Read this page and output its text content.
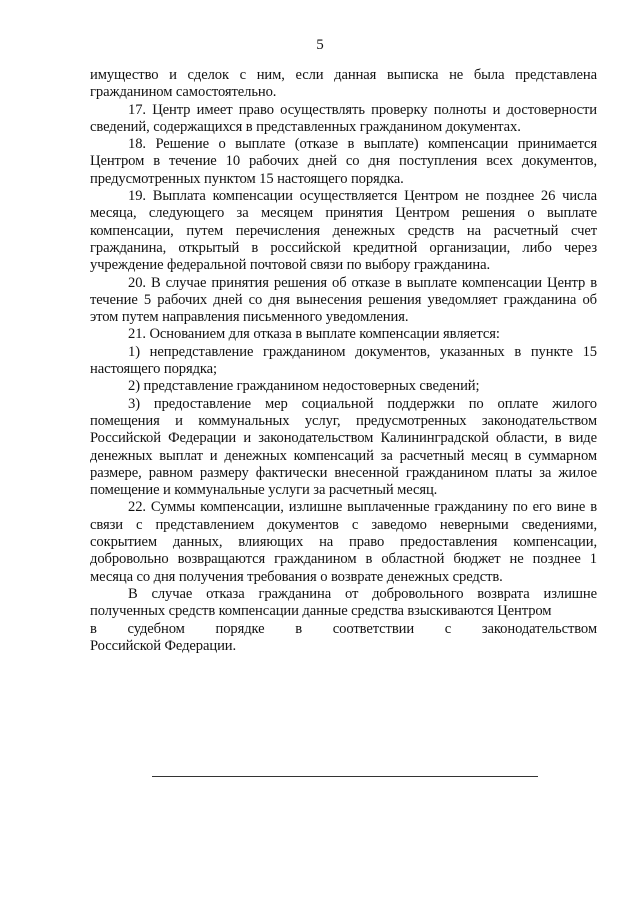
5

имущество и сделок с ним, если данная выписка не была представлена гражданином самостоятельно.

17. Центр имеет право осуществлять проверку полноты и достоверности сведений, содержащихся в представленных гражданином документах.

18. Решение о выплате (отказе в выплате) компенсации принимается Центром в течение 10 рабочих дней со дня поступления всех документов, предусмотренных пунктом 15 настоящего порядка.

19. Выплата компенсации осуществляется Центром не позднее 26 числа месяца, следующего за месяцем принятия Центром решения о выплате компенсации, путем перечисления денежных средств на расчетный счет гражданина, открытый в российской кредитной организации, либо через учреждение федеральной почтовой связи по выбору гражданина.

20. В случае принятия решения об отказе в выплате компенсации Центр в течение 5 рабочих дней со дня вынесения решения уведомляет гражданина об этом путем направления письменного уведомления.

21. Основанием для отказа в выплате компенсации является:

1) непредставление гражданином документов, указанных в пункте 15 настоящего порядка;

2) представление гражданином недостоверных сведений;

3) предоставление мер социальной поддержки по оплате жилого помещения и коммунальных услуг, предусмотренных законодательством Российской Федерации и законодательством Калининградской области, в виде денежных выплат и денежных компенсаций за расчетный месяц в суммарном размере, равном размеру фактически внесенной гражданином платы за жилое помещение и коммунальные услуги за расчетный месяц.

22. Суммы компенсации, излишне выплаченные гражданину по его вине в связи с представлением документов с заведомо неверными сведениями, сокрытием данных, влияющих на право предоставления компенсации, добровольно возвращаются гражданином в областной бюджет не позднее 1 месяца со дня получения требования о возврате денежных средств.

В случае отказа гражданина от добровольного возврата излишне полученных средств компенсации данные средства взыскиваются Центром

в судебном порядке в соответствии с законодательством

Российской Федерации.
